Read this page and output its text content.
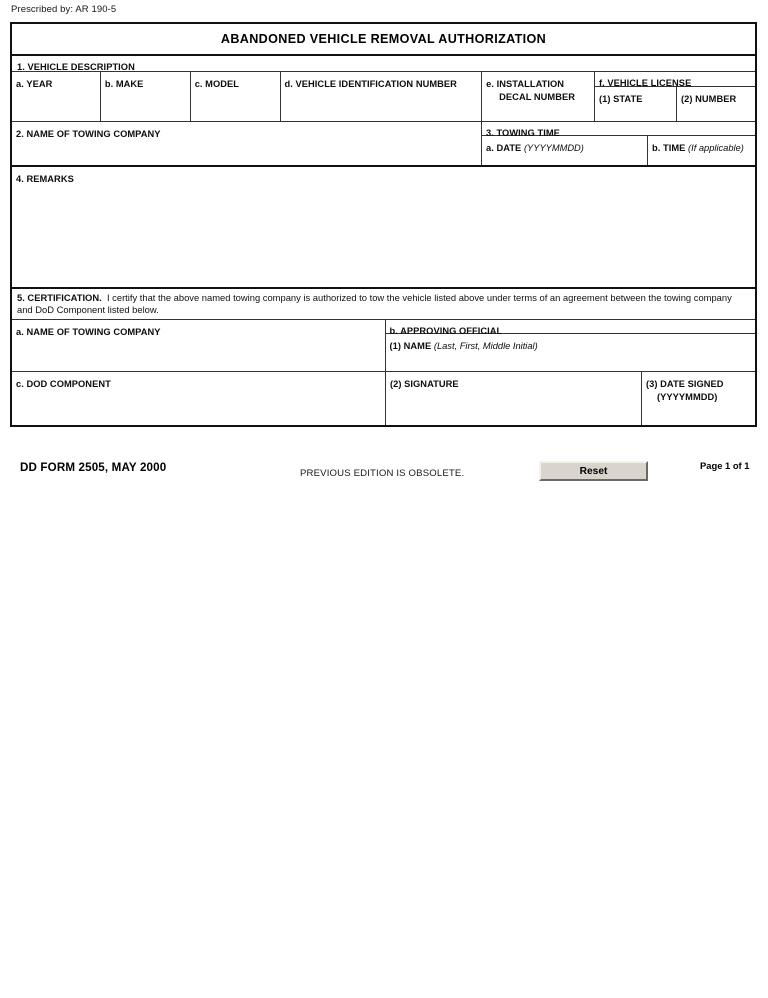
Prescribed by: AR 190-5
ABANDONED VEHICLE REMOVAL AUTHORIZATION
1. VEHICLE DESCRIPTION
a. YEAR	b. MAKE	c. MODEL	d. VEHICLE IDENTIFICATION NUMBER	e. INSTALLATION
DECAL NUMBER
f. VEHICLE LICENSE
(1) STATE	(2) NUMBER
2. NAME OF TOWING COMPANY	3. TOWING TIME
a. DATE (YYYYMMDD)	b. TIME (If applicable)
4. REMARKS
5. CERTIFICATION. I certify that the above named towing company is authorized to tow the vehicle listed above under terms of an agreement between the towing company and DoD Component listed below.
a. NAME OF TOWING COMPANY	b. APPROVING OFFICIAL
(1) NAME (Last, First, Middle Initial)
c. DOD COMPONENT	(2) SIGNATURE	(3) DATE SIGNED
(YYYYMMDD)
DD FORM 2505, MAY 2000	PREVIOUS EDITION IS OBSOLETE.	Reset	Page 1 of 1
